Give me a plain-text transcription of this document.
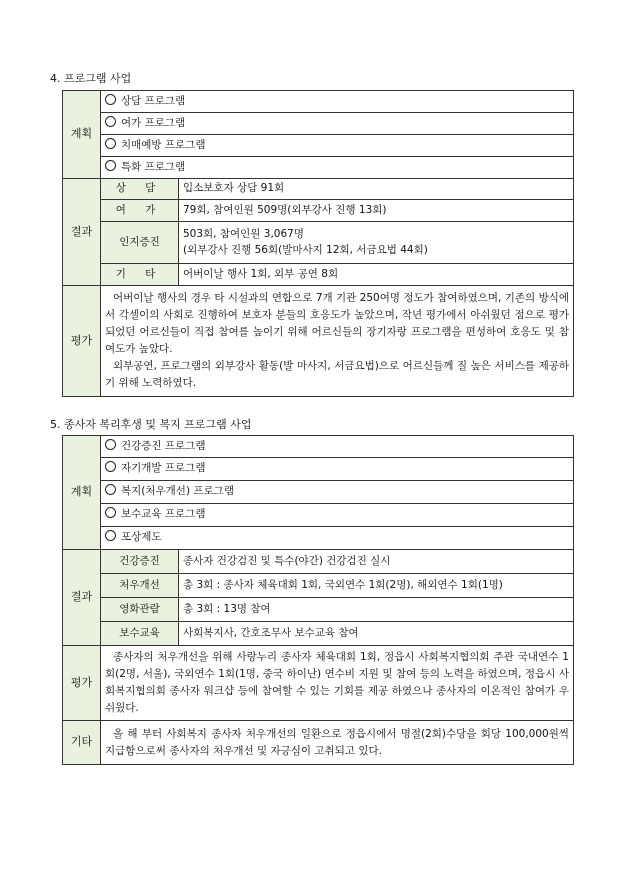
4. 프로그램 사업
계획	상담 프로그램	
	여가 프로그램	
	치매예방 프로그램	
	특화 프로그램	
결과	상 담	입소보호자 상담 91회
	여 가	79회, 참여인원 509명(외부강사 진행 13회)
	인지증진	503회, 참여인원 3,067명
(외부강사 진행 56회(발마사지 12회, 서금요법 44회)

	기 타	어버이날 행사 1회, 외부 공연 8회
평가	어버이날 행사의 경우 타 시설과의 연합으로 7개 기관 250여명 정도가 참여하였으며, 기존의 방식에서 각셀이의 사회로 진행하여 보호자 분들의 호응도가 높았으며, 작년 평가에서 아쉬웠던 점으로 평가되었던 어르신들이 직접 참여를 높이기 위해 어르신들의 장기자랑 프로그램을 편성하여 호응도 및 참여도가 높았다.

외부공연, 프로그램의 외부강사 활동(발 마사지, 서금요법)으로 어르신들께 질 높은 서비스를 제공하기 위해 노력하였다.	

5. 종사자 복리후생 및 복지 프로그램 사업
계획	건강증진 프로그램	
	자기개발 프로그램	
	복지(처우개선) 프로그램	
	보수교육 프로그램	
	포상제도	
결과	건강증진	종사자 건강검진 및 특수(야간) 건강검진 실시
	처우개선	총 3회 : 종사자 체육대회 1회, 국외연수 1회(2명), 해외연수 1회(1명)
	영화관람	총 3회 : 13명 참여
	보수교육	사회복지사, 간호조무사 보수교육 참여
평가	종사자의 처우개선을 위해 사랑누리 종사자 체육대회 1회, 정읍시 사회복지협의회 주관 국내연수 1회(2명, 서울), 국외연수 1회(1명, 중국 하이난) 연수비 지원 및 참여 등의 노력을 하였으며, 정읍시 사회복지협의회 종사자 워크샵 등에 참여할 수 있는 기회를 제공 하였으나 종사자의 이온적인 참여가 우쉬웠다.	

기타	올 해 부터 사회복지 종사자 처우개선의 일환으로 정읍시에서 명절(2회)수당을 회당 100,000원씩 지급함으로써 종사자의 처우개선 및 자긍심이 고취되고 있다.	
